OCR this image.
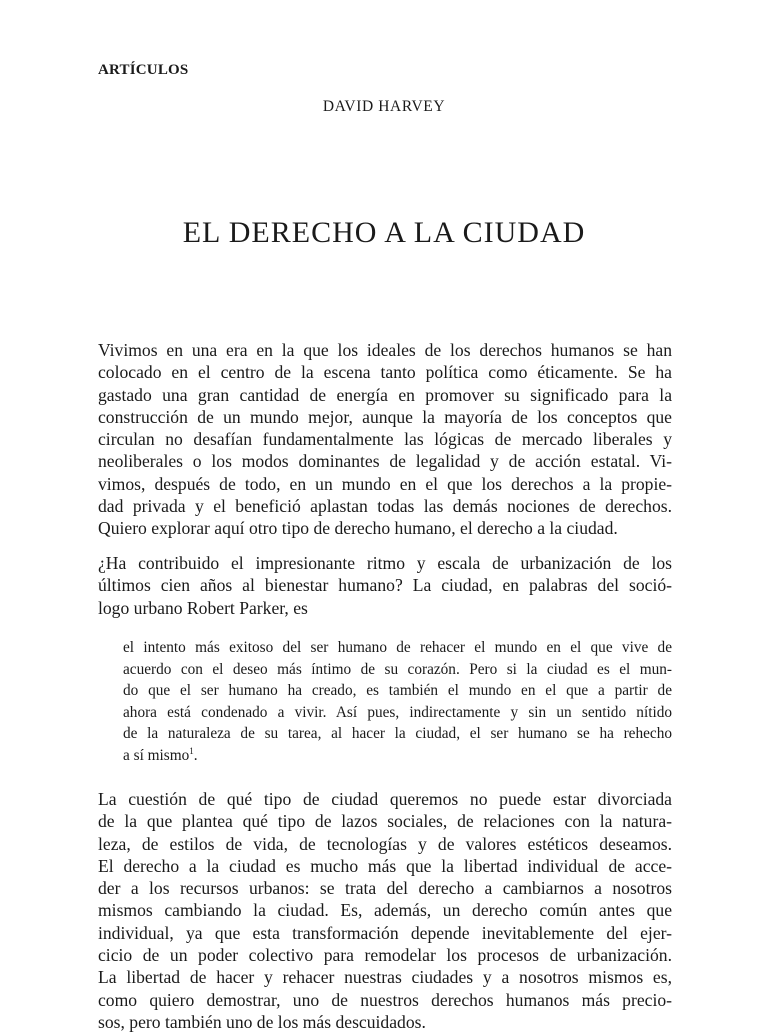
ARTÍCULOS
DAVID HARVEY
EL DERECHO A LA CIUDAD
Vivimos en una era en la que los ideales de los derechos humanos se han
colocado en el centro de la escena tanto política como éticamente. Se ha
gastado una gran cantidad de energía en promover su significado para la
construcción de un mundo mejor, aunque la mayoría de los conceptos que
circulan no desafían fundamentalmente las lógicas de mercado liberales y
neoliberales o los modos dominantes de legalidad y de acción estatal. Vi-
vimos, después de todo, en un mundo en el que los derechos a la propie-
dad privada y el benefició aplastan todas las demás nociones de derechos.
Quiero explorar aquí otro tipo de derecho humano, el derecho a la ciudad.
¿Ha contribuido el impresionante ritmo y escala de urbanización de los
últimos cien años al bienestar humano? La ciudad, en palabras del soció-
logo urbano Robert Parker, es
el intento más exitoso del ser humano de rehacer el mundo en el que vive de
acuerdo con el deseo más íntimo de su corazón. Pero si la ciudad es el mun-
do que el ser humano ha creado, es también el mundo en el que a partir de
ahora está condenado a vivir. Así pues, indirectamente y sin un sentido nítido
de la naturaleza de su tarea, al hacer la ciudad, el ser humano se ha rehecho
a sí mismo$^1$.
La cuestión de qué tipo de ciudad queremos no puede estar divorciada
de la que plantea qué tipo de lazos sociales, de relaciones con la natura-
leza, de estilos de vida, de tecnologías y de valores estéticos deseamos.
El derecho a la ciudad es mucho más que la libertad individual de acce-
der a los recursos urbanos: se trata del derecho a cambiarnos a nosotros
mismos cambiando la ciudad. Es, además, un derecho común antes que
individual, ya que esta transformación depende inevitablemente del ejer-
cicio de un poder colectivo para remodelar los procesos de urbanización.
La libertad de hacer y rehacer nuestras ciudades y a nosotros mismos es,
como quiero demostrar, uno de nuestros derechos humanos más precio-
sos, pero también uno de los más descuidados.
